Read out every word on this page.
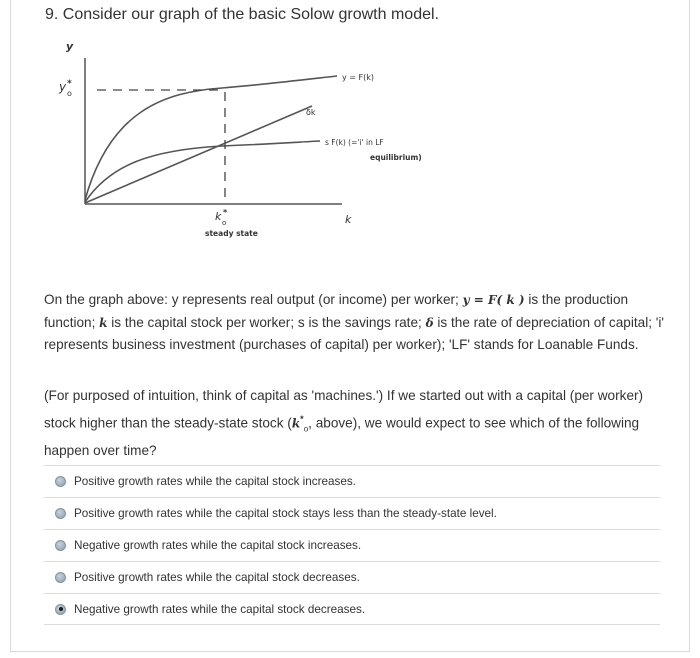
9. Consider our graph of the basic Solow growth model.
y
y *
o
y = F(k)
δk
s F(k) (='i' in LF
equilibrium)
k
k *
o
steady state
On the graph above: y represents real output (or income) per worker; y = F( k ) is the production function; k is the capital stock per worker; s is the savings rate; δ is the rate of depreciation of capital; 'i' represents business investment (purchases of capital) per worker); 'LF' stands for Loanable Funds.
(For purposed of intuition, think of capital as 'machines.') If we started out with a capital (per worker) stock higher than the steady-state stock ($k^*_o$, above), we would expect to see which of the following happen over time?
Positive growth rates while the capital stock increases.
Positive growth rates while the capital stock stays less than the steady-state level.
Negative growth rates while the capital stock increases.
Positive growth rates while the capital stock decreases.
Negative growth rates while the capital stock decreases.
